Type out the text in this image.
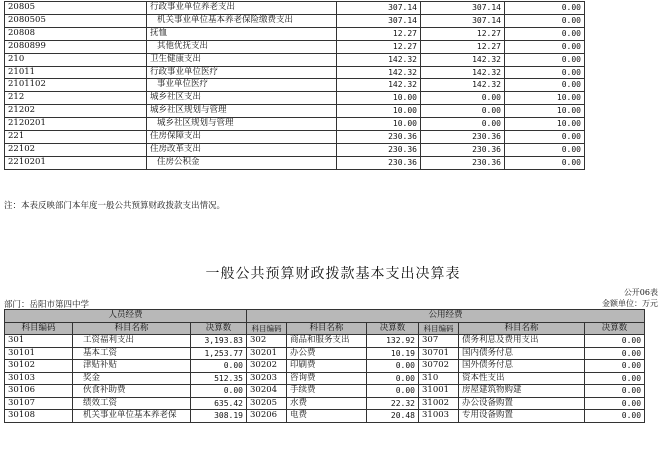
20805	行政事业单位养老支出	307.14	307.14	0.00
2080505	机关事业单位基本养老保险缴费支出	307.14	307.14	0.00
20808	抚恤	12.27	12.27	0.00
2080899	其他优抚支出	12.27	12.27	0.00
210	卫生健康支出	142.32	142.32	0.00
21011	行政事业单位医疗	142.32	142.32	0.00
2101102	事业单位医疗	142.32	142.32	0.00
212	城乡社区支出	10.00	0.00	10.00
21202	城乡社区规划与管理	10.00	0.00	10.00
2120201	城乡社区规划与管理	10.00	0.00	10.00
221	住房保障支出	230.36	230.36	0.00
22102	住房改革支出	230.36	230.36	0.00
2210201	住房公积金	230.36	230.36	0.00
注：本表反映部门本年度一般公共预算财政拨款支出情况。
一般公共预算财政拨款基本支出决算表
公开06表
部门：岳阳市第四中学	金额单位：万元
人员经费			公用经费					
科目编码	科目名称	决算数	科目编码	科目名称	决算数	科目编码	科目名称	决算数
301	工资福利支出	3,193.83	302	商品和服务支出	132.92	307	债务利息及费用支出	0.00
30101	基本工资	1,253.77	30201	办公费	10.19	30701	国内债务付息	0.00
30102	津贴补贴	0.00	30202	印刷费	0.00	30702	国外债务付息	0.00
30103	奖金	512.35	30203	咨询费	0.00	310	资本性支出	0.00
30106	伙食补助费	0.00	30204	手续费	0.00	31001	房屋建筑物购建	0.00
30107	绩效工资	635.42	30205	水费	22.32	31002	办公设备购置	0.00
30108	机关事业单位基本养老保	308.19	30206	电费	20.48	31003	专用设备购置	0.00
